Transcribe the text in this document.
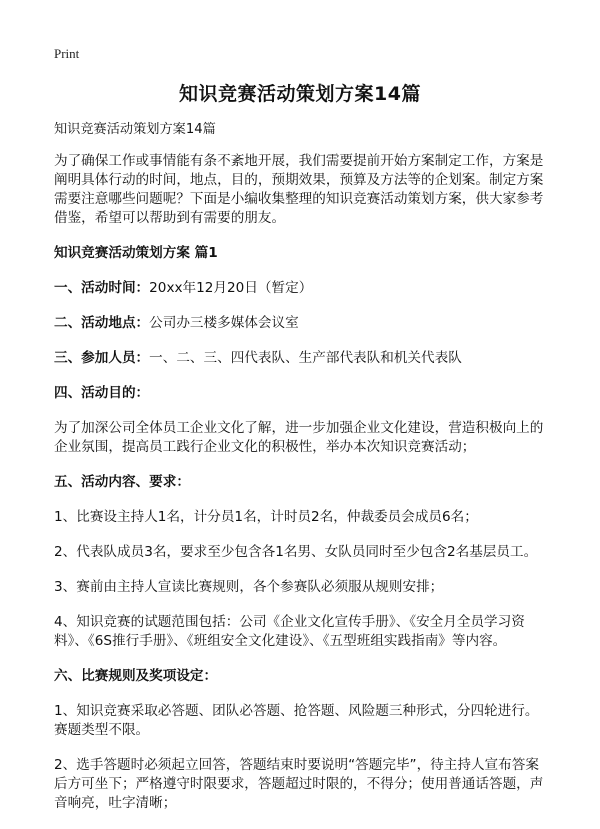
Print
知识竞赛活动策划方案14篇

知识竞赛活动策划方案14篇

为了确保工作或事情能有条不紊地开展，我们需要提前开始方案制定工作，方案是阐明具体行动的时间，地点，目的，预期效果，预算及方法等的企划案。制定方案需要注意哪些问题呢？下面是小编收集整理的知识竞赛活动策划方案，供大家参考借鉴，希望可以帮助到有需要的朋友。

知识竞赛活动策划方案 篇1

一、活动时间：20xx年12月20日（暂定）

二、活动地点：公司办三楼多媒体会议室

三、参加人员：一、二、三、四代表队、生产部代表队和机关代表队

四、活动目的：

为了加深公司全体员工企业文化了解，进一步加强企业文化建设，营造积极向上的企业氛围，提高员工践行企业文化的积极性，举办本次知识竞赛活动；

五、活动内容、要求：

1、比赛设主持人1名，计分员1名，计时员2名，仲裁委员会成员6名；

2、代表队成员3名，要求至少包含各1名男、女队员同时至少包含2名基层员工。

3、赛前由主持人宣读比赛规则，各个参赛队必须服从规则安排；

4、知识竞赛的试题范围包括：公司《企业文化宣传手册》、《安全月全员学习资料》、《6S推行手册》、《班组安全文化建设》、《五型班组实践指南》等内容。

六、比赛规则及奖项设定：

1、知识竞赛采取必答题、团队必答题、抢答题、风险题三种形式，分四轮进行。赛题类型不限。

2、选手答题时必须起立回答，答题结束时要说明“答题完毕”，待主持人宣布答案后方可坐下；严格遵守时限要求，答题超过时限的，不得分；使用普通话答题，声音响亮，吐字清晰；
